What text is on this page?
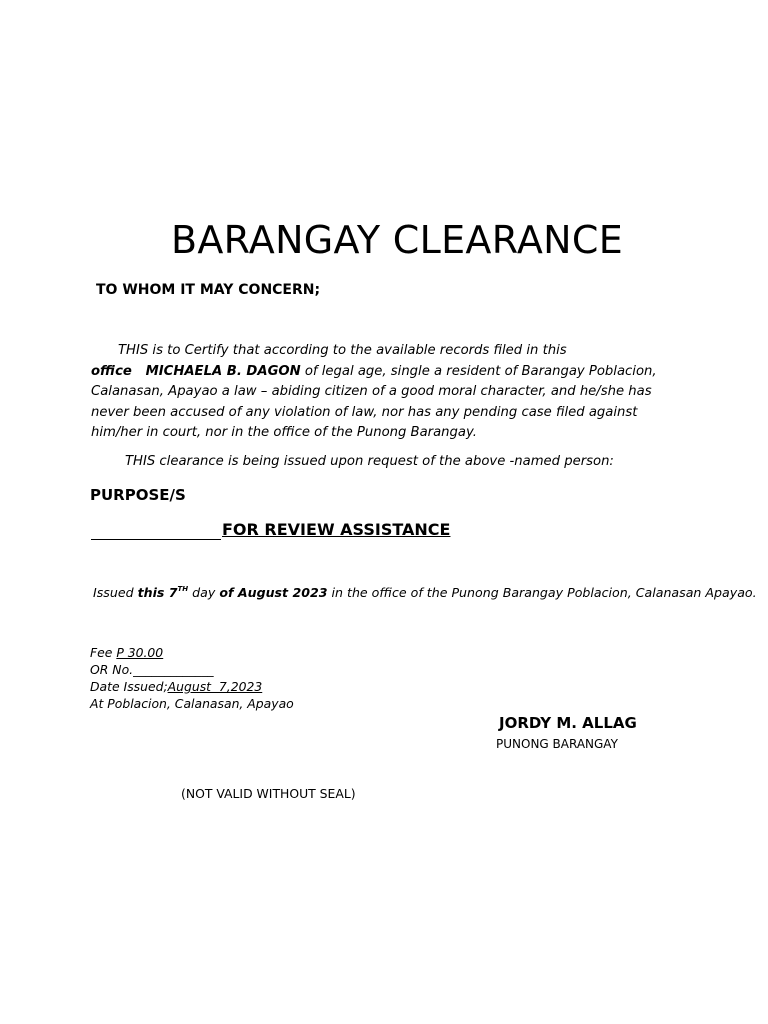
BARANGAY CLEARANCE
TO WHOM IT MAY CONCERN;
THIS is to Certify that according to the available records filed in this office MICHAELA B. DAGON of legal age, single a resident of Barangay Poblacion, Calanasan, Apayao a law – abiding citizen of a good moral character, and he/she has never been accused of any violation of law, nor has any pending case filed against him/her in court, nor in the office of the Punong Barangay.
THIS clearance is being issued upon request of the above -named person:
PURPOSE/S
FOR REVIEW ASSISTANCE
Issued this 7TH day of August 2023 in the office of the Punong Barangay Poblacion, Calanasan Apayao.
Fee P 30.00
OR No._____________
Date Issued;August  7,2023
At Poblacion, Calanasan, Apayao
JORDY M. ALLAG
PUNONG BARANGAY
(NOT VALID WITHOUT SEAL)
